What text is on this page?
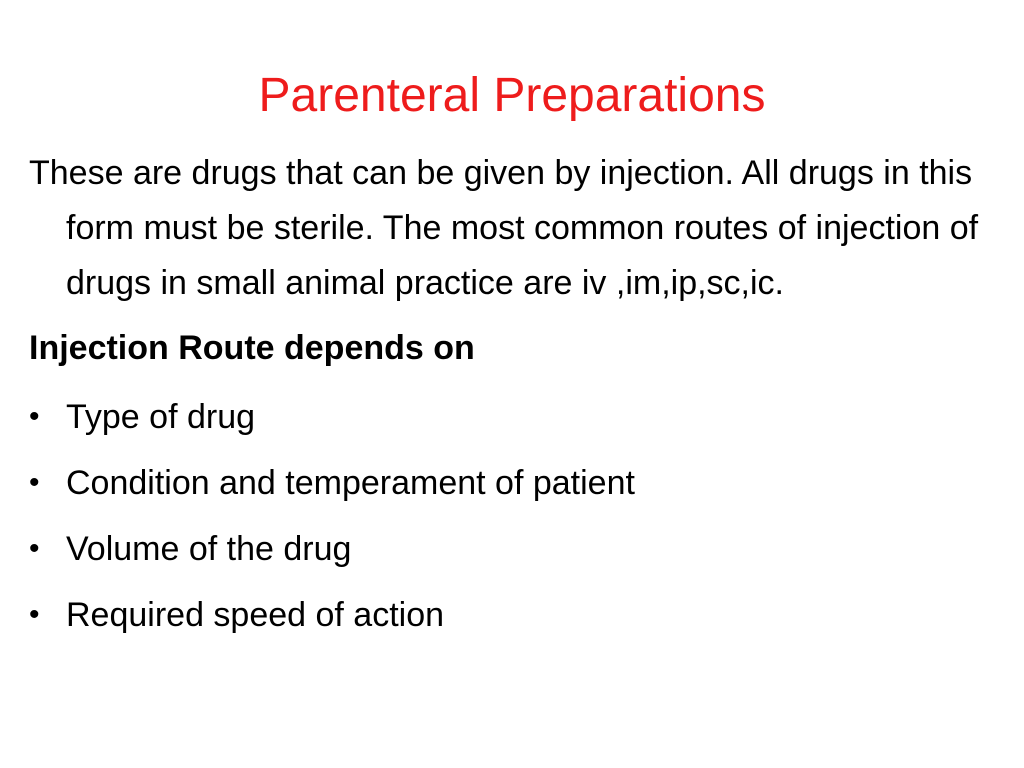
Parenteral Preparations

These are drugs that can be given by injection. All drugs in this form must be sterile. The most common routes of injection of drugs in small animal practice are iv ,im,ip,sc,ic.

Injection Route depends on
• Type of drug
• Condition and temperament of patient
• Volume of the drug
• Required speed of action
